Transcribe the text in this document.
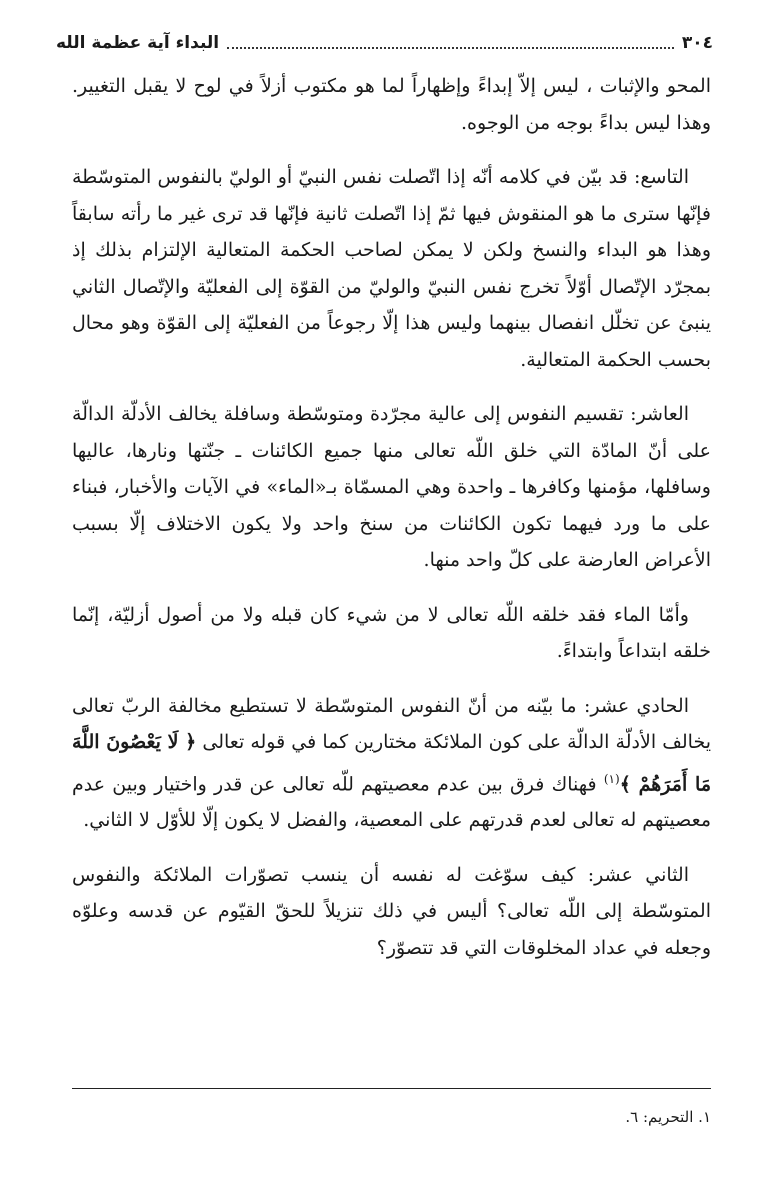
٣٠٤
البداء آية عظمة الله

المحو والإثبات ، ليس إلاّ إبداءً وإظهاراً لما هو مكتوب أزلاً في لوح لا يقبل التغيير. وهذا ليس بداءً بوجه من الوجوه.

التاسع: قد بيّن في كلامه أنّه إذا اتّصلت نفس النبيّ أو الوليّ بالنفوس المتوسّطة فإنّها سترى ما هو المنقوش فيها ثمّ إذا اتّصلت ثانية فإنّها قد ترى غير ما رأته سابقاً وهذا هو البداء والنسخ ولكن لا يمكن لصاحب الحكمة المتعالية الإلتزام بذلك إذ بمجرّد الإتّصال أوّلاً تخرج نفس النبيّ والوليّ من القوّة إلى الفعليّة والإتّصال الثاني ينبئ عن تخلّل انفصال بينهما وليس هذا إلّا رجوعاً من الفعليّة إلى القوّة وهو محال بحسب الحكمة المتعالية.

العاشر: تقسيم النفوس إلى عالية مجرّدة ومتوسّطة وسافلة يخالف الأدلّة الدالّة على أنّ المادّة التي خلق اللّه تعالى منها جميع الكائنات ـ جنّتها ونارها، عاليها وسافلها، مؤمنها وكافرها ـ واحدة وهي المسمّاة بـ«الماء» في الآيات والأخبار، فبناء على ما ورد فيهما تكون الكائنات من سنخ واحد ولا يكون الاختلاف إلّا بسبب الأعراض العارضة على كلّ واحد منها.

وأمّا الماء فقد خلقه اللّه تعالى لا من شيء كان قبله ولا من أصول أزليّة، إنّما خلقه ابتداعاً وابتداءً.

الحادي عشر: ما بيّنه من أنّ النفوس المتوسّطة لا تستطيع مخالفة الربّ تعالى يخالف الأدلّة الدالّة على كون الملائكة مختارين كما في قوله تعالى ﴿ لَا يَعْصُونَ اللَّهَ مَا أَمَرَهُمْ ﴾$^{(١)}$ فهناك فرق بين عدم معصيتهم للّه تعالى عن قدر واختيار وبين عدم معصيتهم له تعالى لعدم قدرتهم على المعصية، والفضل لا يكون إلّا للأوّل لا الثاني.

الثاني عشر: كيف سوّغت له نفسه أن ينسب تصوّرات الملائكة والنفوس المتوسّطة إلى اللّه تعالى؟ أليس في ذلك تنزيلاً للحقّ القيّوم عن قدسه وعلوّه وجعله في عداد المخلوقات التي قد تتصوّر؟

١. التحريم: ٦.
